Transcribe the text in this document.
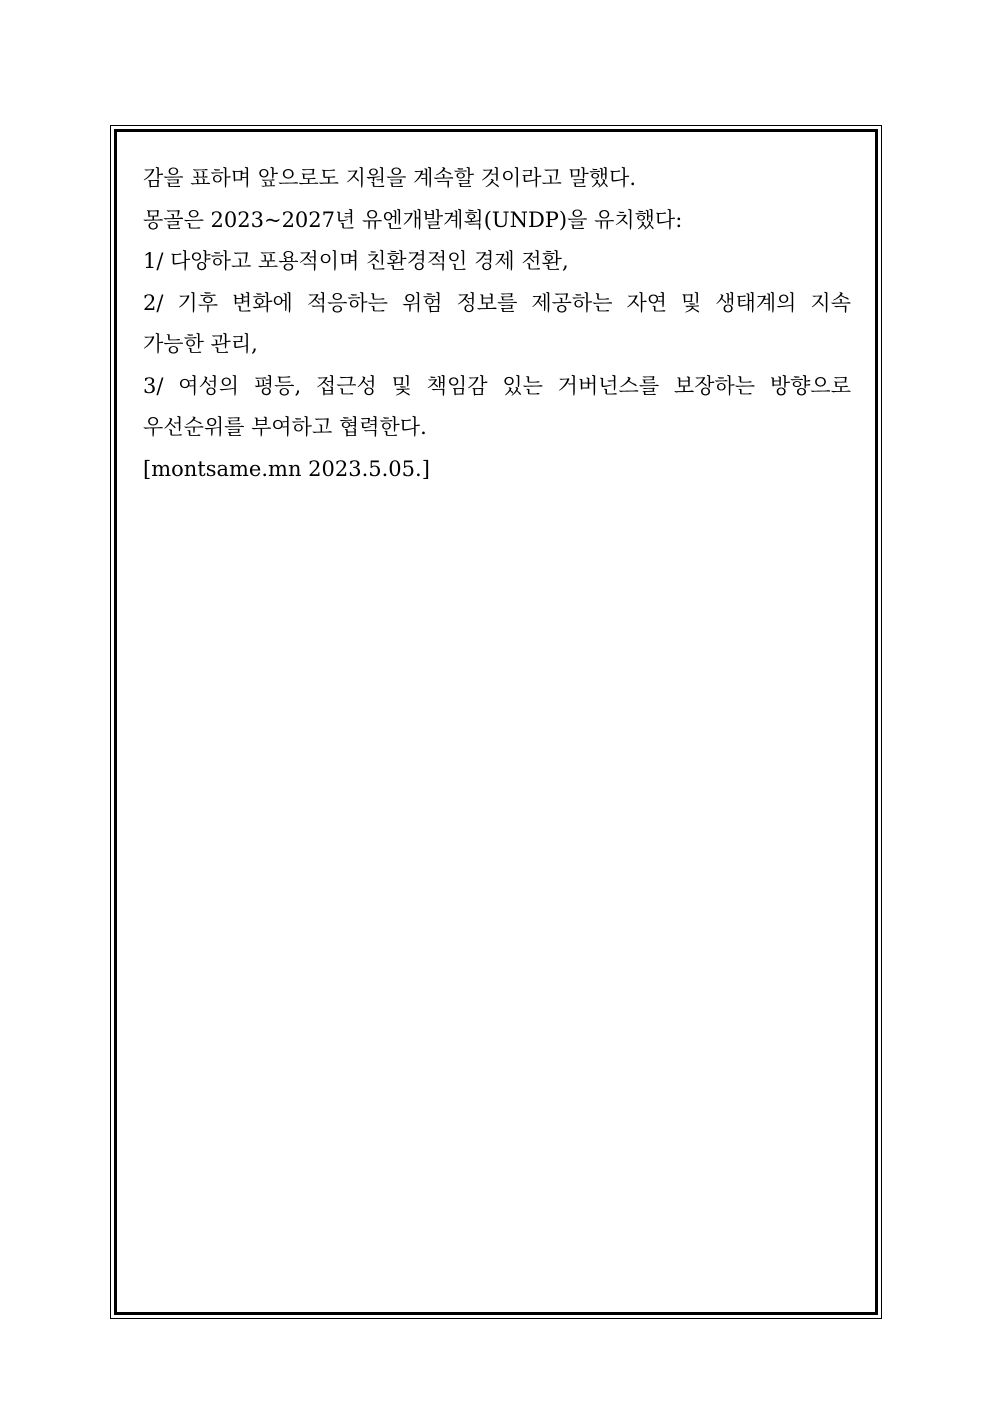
감을 표하며 앞으로도 지원을 계속할 것이라고 말했다.
몽골은 2023~2027년 유엔개발계획(UNDP)을 유치했다:
1/ 다양하고 포용적이며 친환경적인 경제 전환,
2/ 기후 변화에 적응하는 위험 정보를 제공하는 자연 및 생태계의 지속
가능한 관리,
3/ 여성의 평등, 접근성 및 책임감 있는 거버넌스를 보장하는 방향으로
우선순위를 부여하고 협력한다.
[montsame.mn 2023.5.05.]
